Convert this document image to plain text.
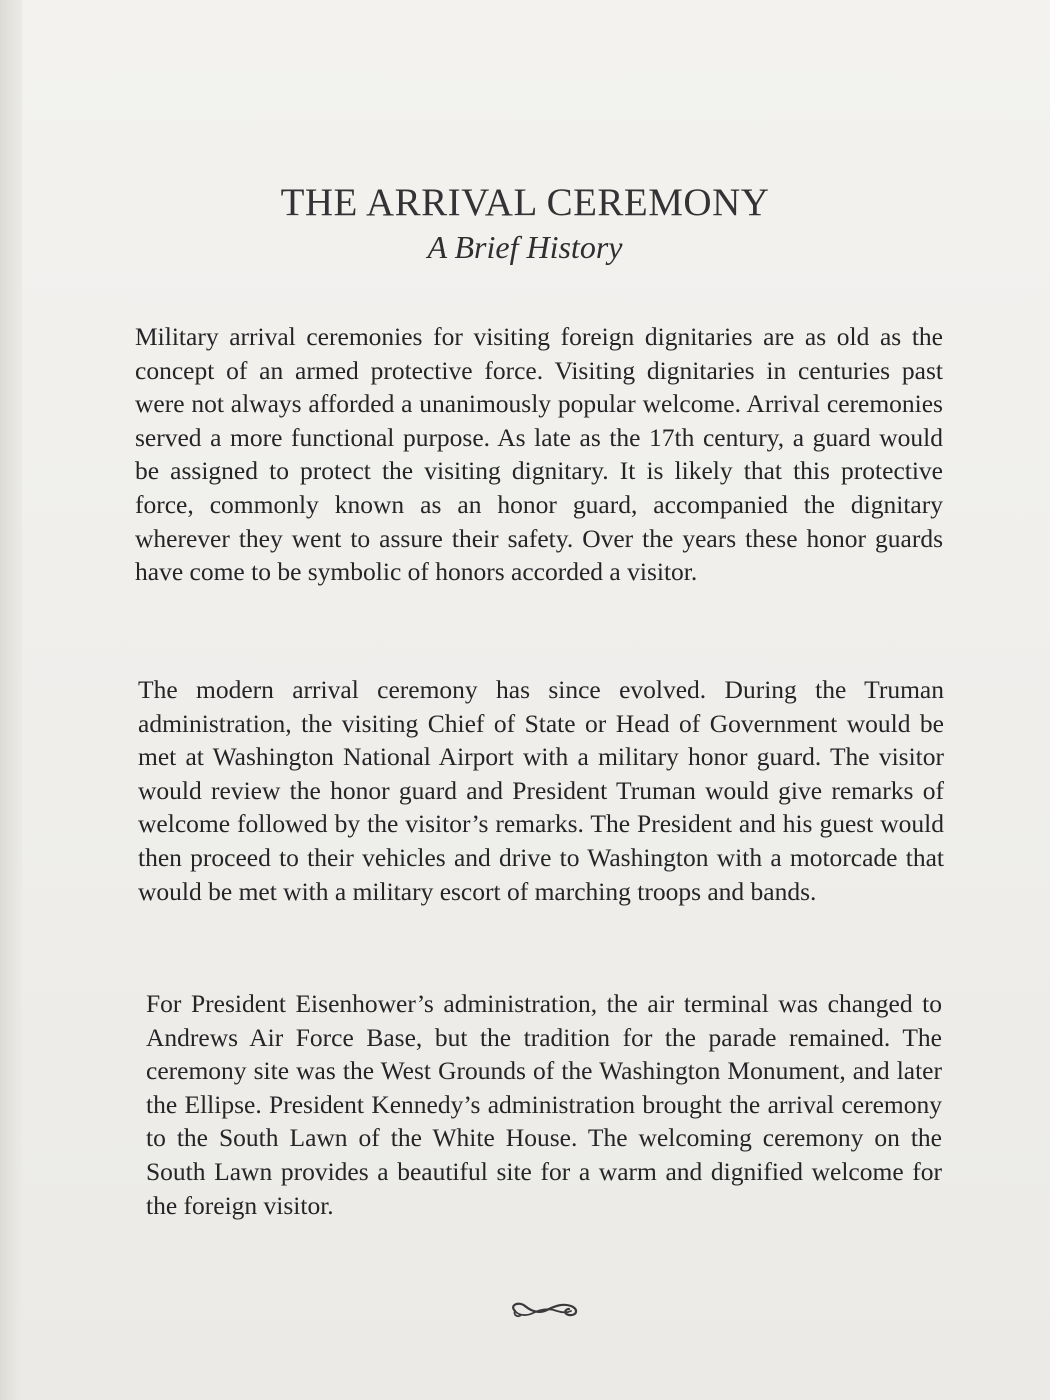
THE ARRIVAL CEREMONY

A Brief History

Military arrival ceremonies for visiting foreign dignitaries are as old as the concept of an armed protective force. Visiting dignitaries in centuries past were not always afforded a unanimously popular welcome. Arrival ceremonies served a more functional purpose. As late as the 17th century, a guard would be assigned to protect the visiting dignitary. It is likely that this protective force, commonly known as an honor guard, accompanied the dignitary wherever they went to assure their safety. Over the years these honor guards have come to be symbolic of honors accorded a visitor.

The modern arrival ceremony has since evolved. During the Truman administration, the visiting Chief of State or Head of Government would be met at Washington National Airport with a military honor guard. The visitor would review the honor guard and President Truman would give remarks of welcome followed by the visitor’s remarks. The President and his guest would then proceed to their vehicles and drive to Washington with a motorcade that would be met with a military escort of marching troops and bands.

For President Eisenhower’s administration, the air terminal was changed to Andrews Air Force Base, but the tradition for the parade remained. The ceremony site was the West Grounds of the Washington Monument, and later the Ellipse. President Kennedy’s administration brought the arrival ceremony to the South Lawn of the White House. The welcoming ceremony on the South Lawn provides a beautiful site for a warm and dignified welcome for the foreign visitor.
